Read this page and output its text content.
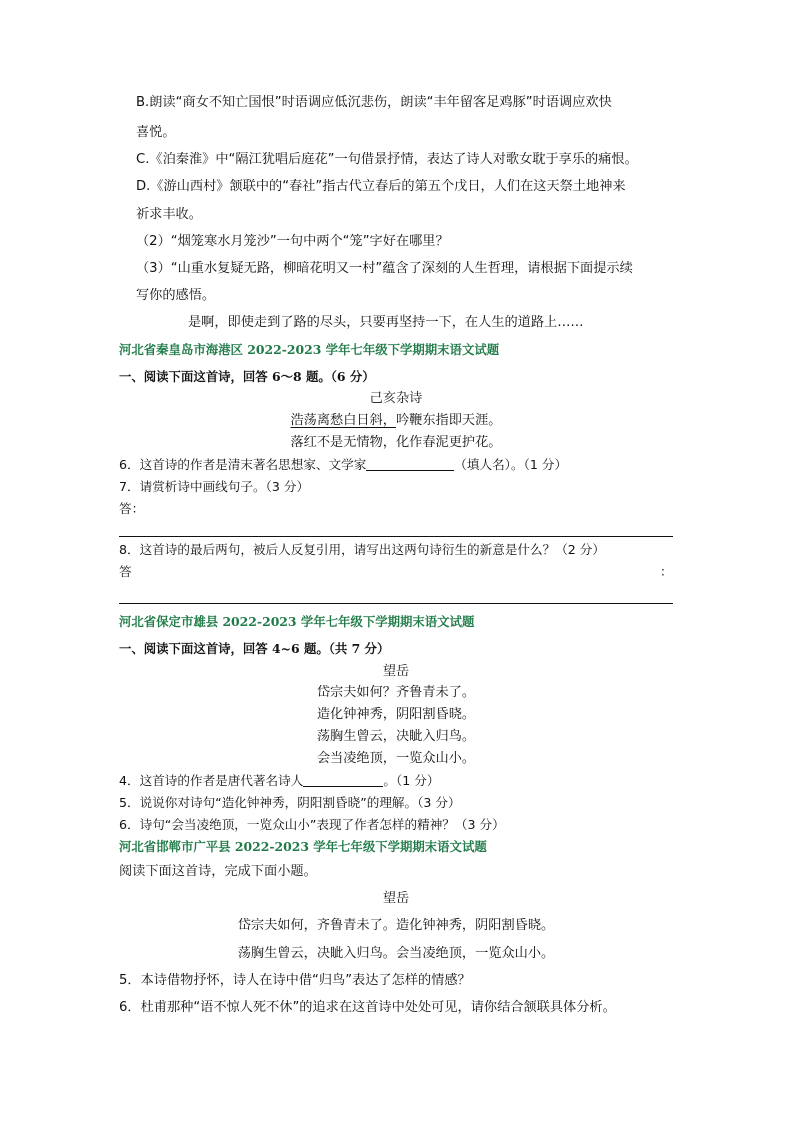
B.朗读“商女不知亡国恨”时语调应低沉悲伤，朗读“丰年留客足鸡豚”时语调应欢快
喜悦。
C.《泊秦淮》中“隔江犹唱后庭花”一句借景抒情，表达了诗人对歌女耽于享乐的痛恨。
D.《游山西村》颔联中的“春社”指古代立春后的第五个戊日，人们在这天祭土地神来
祈求丰收。
（2）“烟笼寒水月笼沙”一句中两个“笼”字好在哪里？
（3）“山重水复疑无路，柳暗花明又一村”蕴含了深刻的人生哲理，请根据下面提示续
写你的感悟。
是啊，即使走到了路的尽头，只要再坚持一下，在人生的道路上……
河北省秦皇岛市海港区 2022-2023 学年七年级下学期期末语文试题
一、阅读下面这首诗，回答 6～8 题。（6 分）
己亥杂诗
浩荡离愁白日斜，吟鞭东指即天涯。
落红不是无情物，化作春泥更护花。
6．这首诗的作者是清末著名思想家、文学家	（填人名）。（1 分）
7．请赏析诗中画线句子。（3 分）
答：
8．这首诗的最后两句，被后人反复引用，请写出这两句诗衍生的新意是什么？（2 分）
答	：
河北省保定市雄县 2022-2023 学年七年级下学期期末语文试题
一、阅读下面这首诗，回答 4~6 题。（共 7 分）
望岳
岱宗夫如何？齐鲁青未了。
造化钟神秀，阴阳割昏晓。
荡胸生曾云，决眦入归鸟。
会当凌绝顶，一览众山小。
4．这首诗的作者是唐代著名诗人	。（1 分）
5．说说你对诗句“造化钟神秀，阴阳割昏晓”的理解。（3 分）
6．诗句“会当凌绝顶，一览众山小”表现了作者怎样的精神？（3 分）
河北省邯郸市广平县 2022-2023 学年七年级下学期期末语文试题
阅读下面这首诗，完成下面小题。
望岳
岱宗夫如何，齐鲁青未了。造化钟神秀，阴阳割昏晓。
荡胸生曾云，决眦入归鸟。会当凌绝顶，一览众山小。
5．本诗借物抒怀，诗人在诗中借“归鸟”表达了怎样的情感？
6．杜甫那种“语不惊人死不休”的追求在这首诗中处处可见，请你结合颔联具体分析。
